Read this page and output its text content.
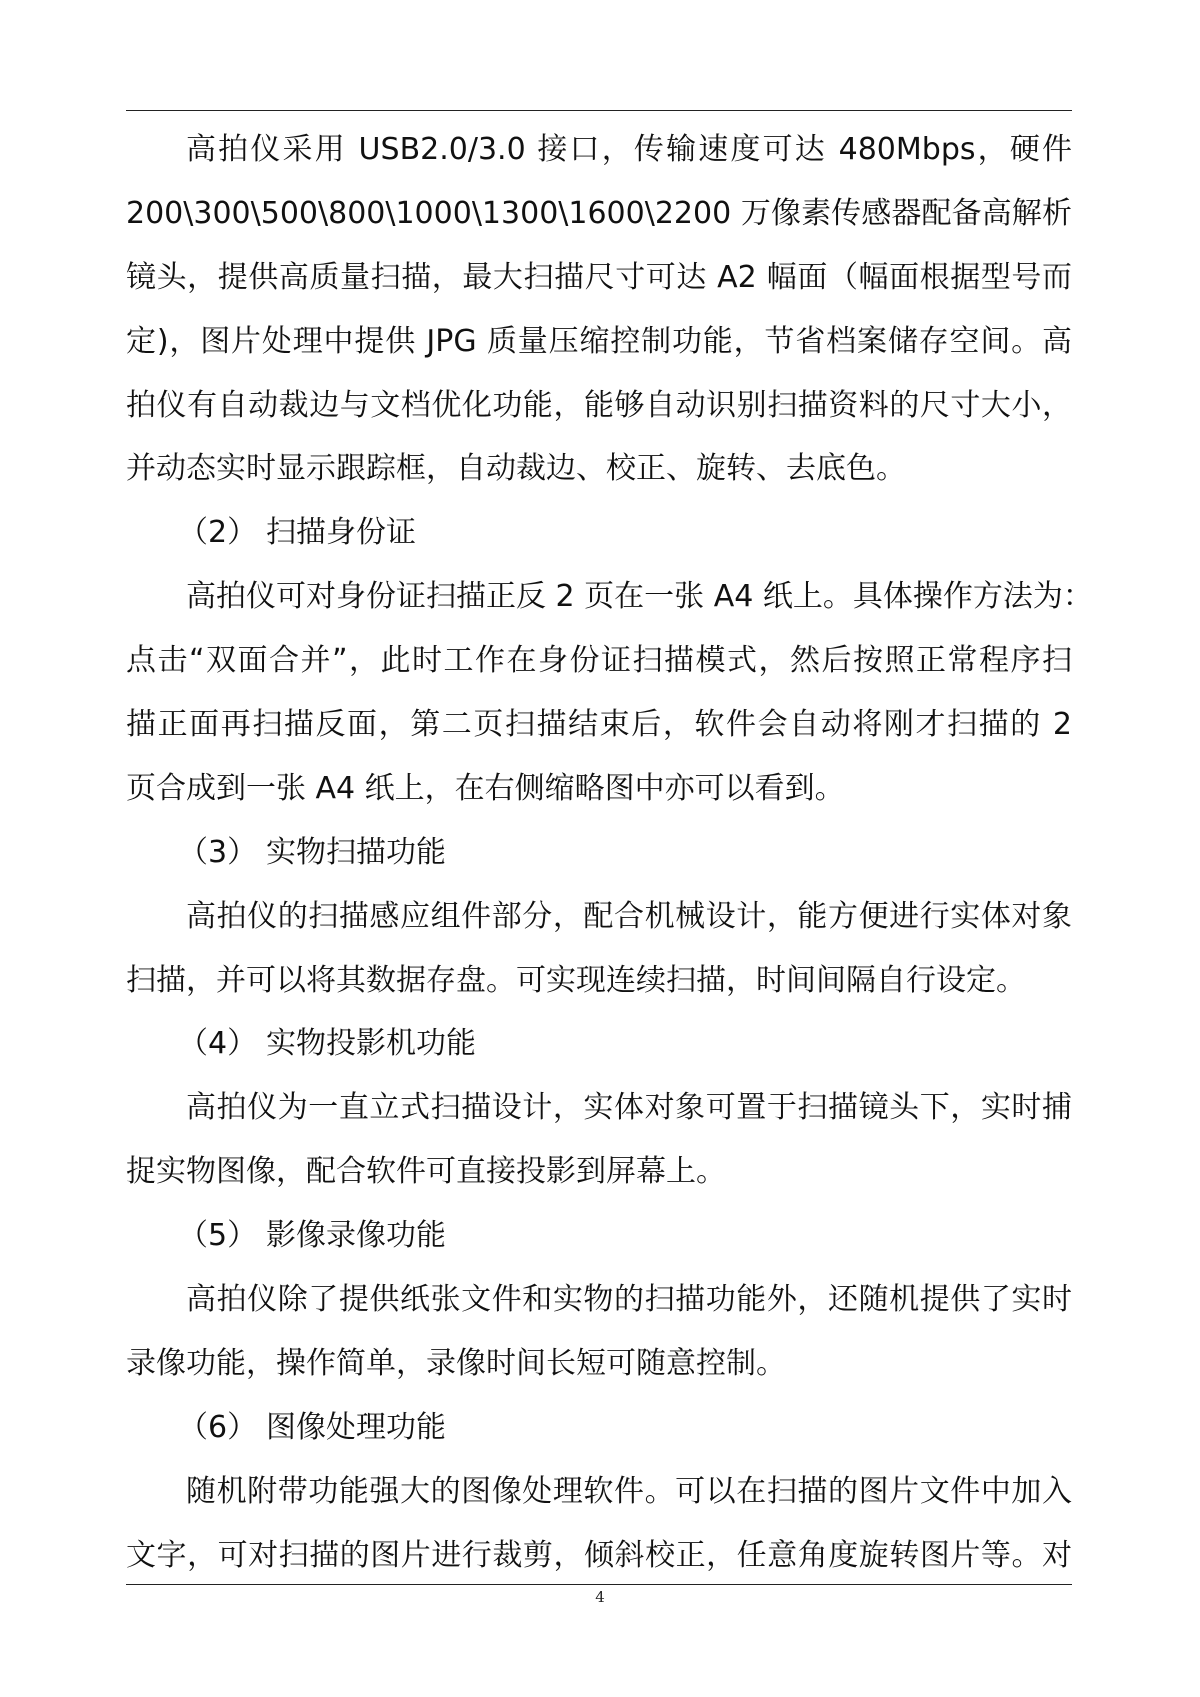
高拍仪采用 USB2.0/3.0 接口，传输速度可达 480Mbps，硬件
200\300\500\800\1000\1300\1600\2200 万像素传感器配备高解析
镜头，提供高质量扫描，最大扫描尺寸可达 A2 幅面（幅面根据型号而
定)，图片处理中提供 JPG 质量压缩控制功能，节省档案储存空间。高
拍仪有自动裁边与文档优化功能，能够自动识别扫描资料的尺寸大小，
并动态实时显示跟踪框，自动裁边、校正、旋转、去底色。
（2） 扫描身份证
高拍仪可对身份证扫描正反 2 页在一张 A4 纸上。具体操作方法为：
点击“双面合并”，此时工作在身份证扫描模式，然后按照正常程序扫
描正面再扫描反面，第二页扫描结束后，软件会自动将刚才扫描的 2
页合成到一张 A4 纸上，在右侧缩略图中亦可以看到。
（3） 实物扫描功能
高拍仪的扫描感应组件部分，配合机械设计，能方便进行实体对象
扫描，并可以将其数据存盘。可实现连续扫描，时间间隔自行设定。
（4） 实物投影机功能
高拍仪为一直立式扫描设计，实体对象可置于扫描镜头下，实时捕
捉实物图像，配合软件可直接投影到屏幕上。
（5） 影像录像功能
高拍仪除了提供纸张文件和实物的扫描功能外，还随机提供了实时
录像功能，操作简单，录像时间长短可随意控制。
（6） 图像处理功能
随机附带功能强大的图像处理软件。可以在扫描的图片文件中加入
文字，可对扫描的图片进行裁剪，倾斜校正，任意角度旋转图片等。对
4
